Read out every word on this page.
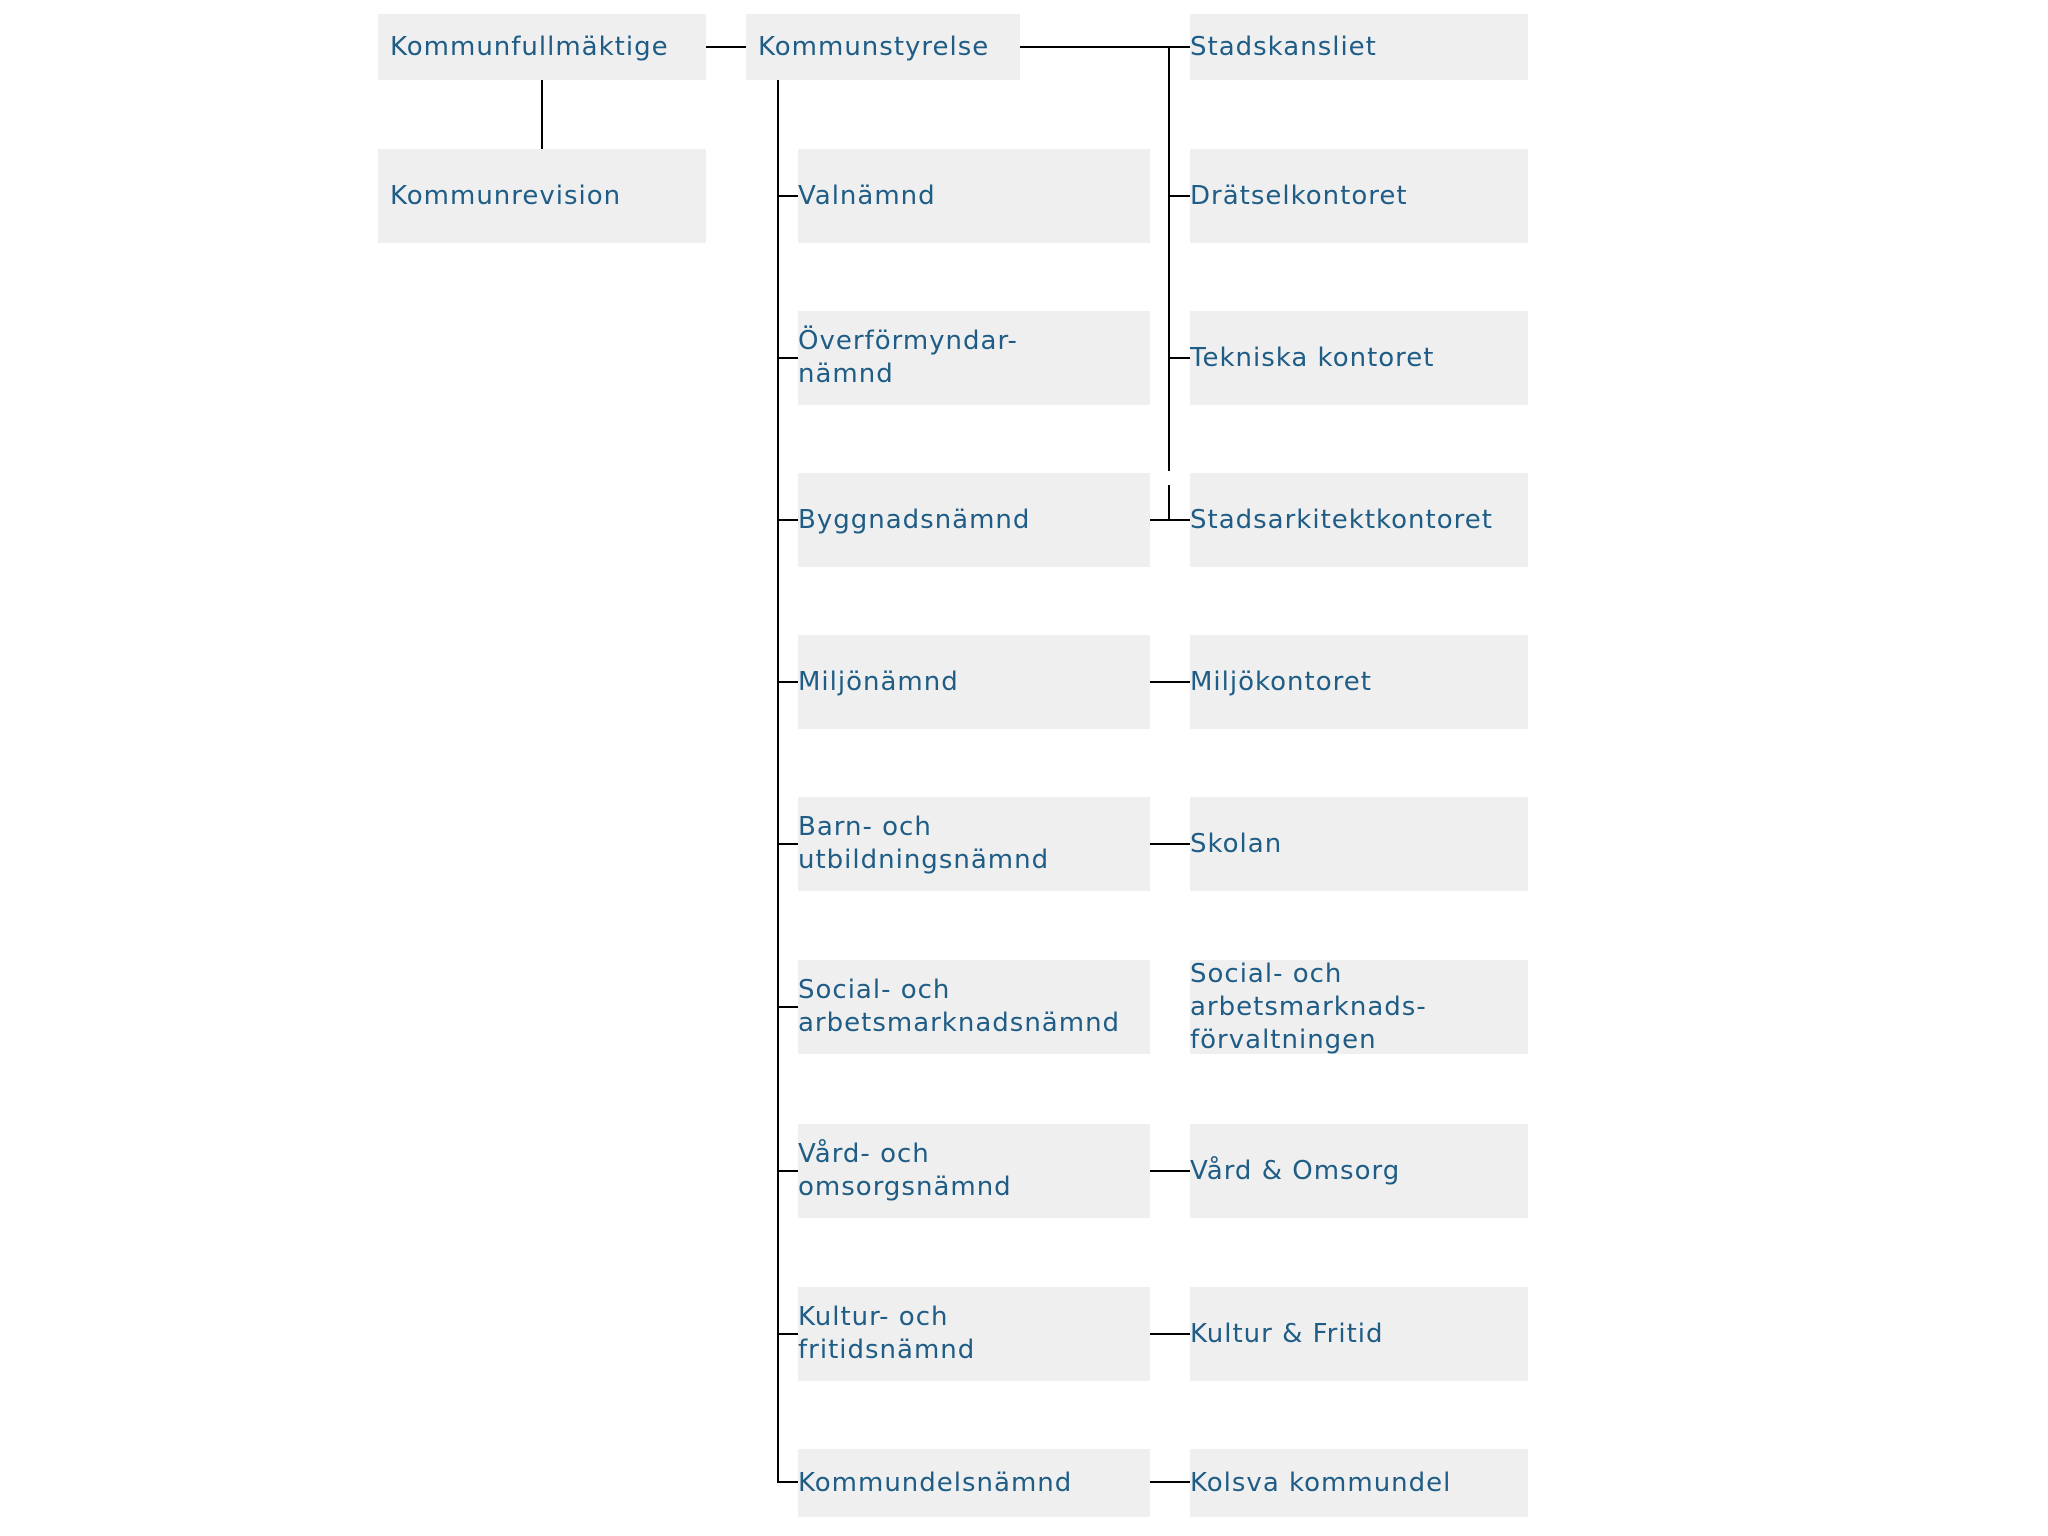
Kommunfullmäktige	Kommunstyrelse	Stadskansliet
Kommunrevision	Valnämnd
Överförmyndar-
nämnd
Byggnadsnämnd
Miljönämnd
Barn- och
utbildningsnämnd
Social- och
arbetsmarknadsnämnd
Vård- och
omsorgsnämnd
Kultur- och
fritidsnämnd
Kommundelsnämnd
Drätselkontoret
Tekniska kontoret
Stadsarkitektkontoret
Miljökontoret
Skolan
Social- och
arbetsmarknads-
förvaltningen
Vård & Omsorg
Kultur & Fritid
Kolsva kommundel
